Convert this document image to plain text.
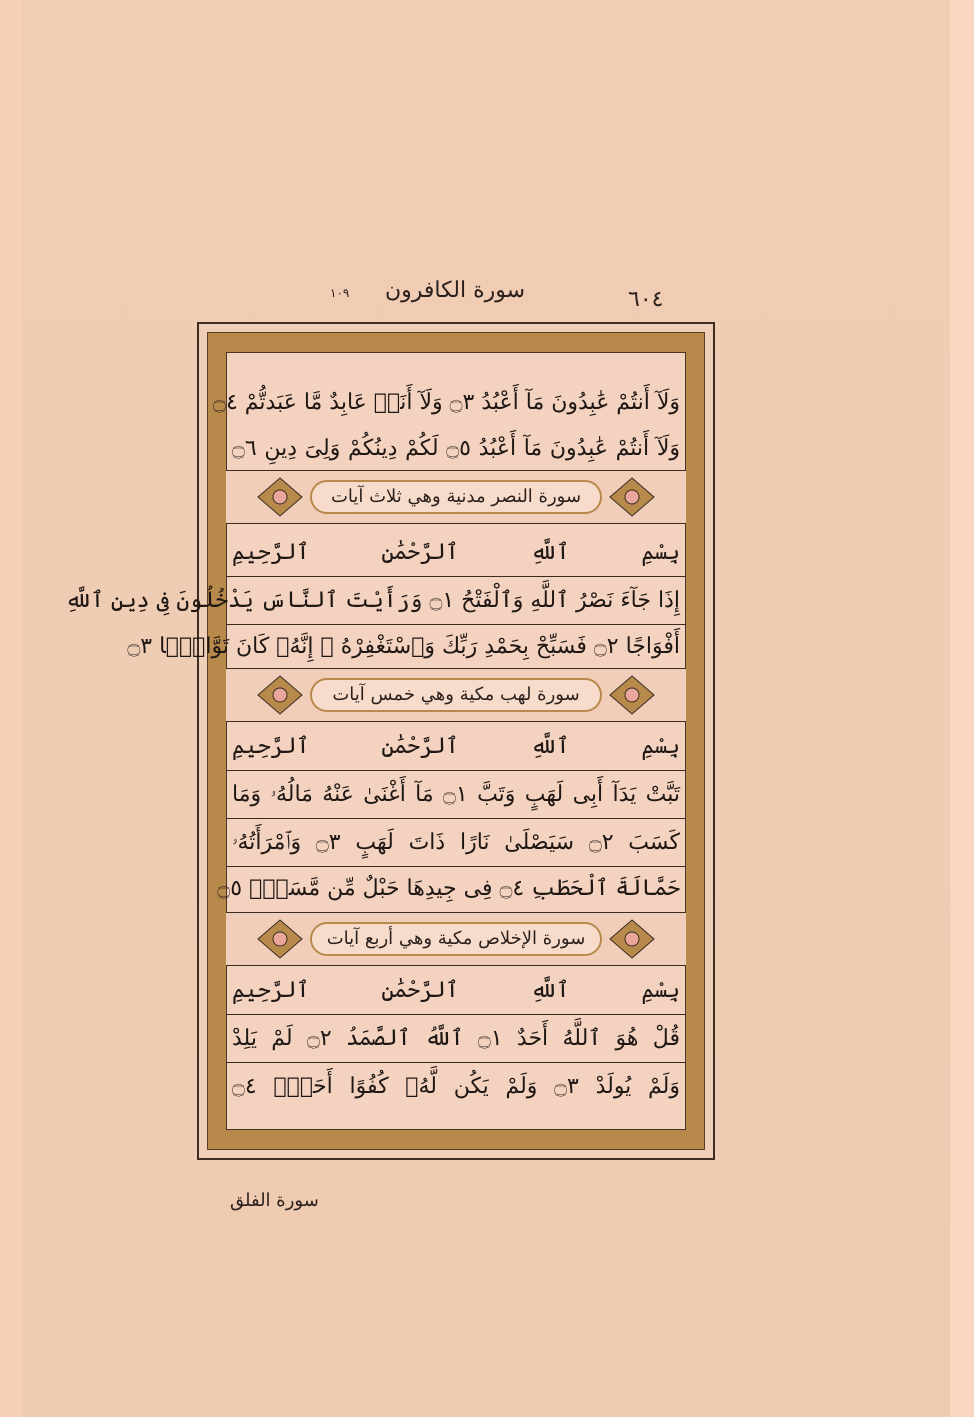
١٠٩	سورة الكافرون	٦٠٤
وَلَآ أَنتُمْ عَٰبِدُونَ مَآ أَعْبُدُ ۝٣ وَلَآ أَنَا۠ عَابِدٌ مَّا عَبَدتُّمْ ۝٤
وَلَآ أَنتُمْ عَٰبِدُونَ مَآ أَعْبُدُ ۝٥ لَكُمْ دِينُكُمْ وَلِىَ دِينِ ۝٦
سورة النصر مدنية وهي ثلاث آيات
بِسْمِ ٱللَّهِ ٱلرَّحْمَٰنِ ٱلرَّحِيمِ
إِذَا جَآءَ نَصْرُ ٱللَّهِ وَٱلْفَتْحُ ۝١ وَرَأَيْتَ ٱلنَّاسَ يَدْخُلُونَ فِى دِينِ ٱللَّهِ
أَفْوَاجًا ۝٢ فَسَبِّحْ بِحَمْدِ رَبِّكَ وَٱسْتَغْفِرْهُ ۚ إِنَّهُۥ كَانَ تَوَّابًۢا ۝٣
سورة لهب مكية وهي خمس آيات
بِسْمِ ٱللَّهِ ٱلرَّحْمَٰنِ ٱلرَّحِيمِ
تَبَّتْ يَدَآ أَبِى لَهَبٍ وَتَبَّ ۝١ مَآ أَغْنَىٰ عَنْهُ مَالُهُۥ وَمَا
كَسَبَ ۝٢ سَيَصْلَىٰ نَارًا ذَاتَ لَهَبٍ ۝٣ وَٱمْرَأَتُهُۥ
حَمَّالَةَ ٱلْحَطَبِ ۝٤ فِى جِيدِهَا حَبْلٌ مِّن مَّسَدٍۭ ۝٥
سورة الإخلاص مكية وهي أربع آيات
بِسْمِ ٱللَّهِ ٱلرَّحْمَٰنِ ٱلرَّحِيمِ
قُلْ هُوَ ٱللَّهُ أَحَدٌ ۝١ ٱللَّهُ ٱلصَّمَدُ ۝٢ لَمْ يَلِدْ
وَلَمْ يُولَدْ ۝٣ وَلَمْ يَكُن لَّهُۥ كُفُوًا أَحَدٌۢ ۝٤
سورة الفلق
